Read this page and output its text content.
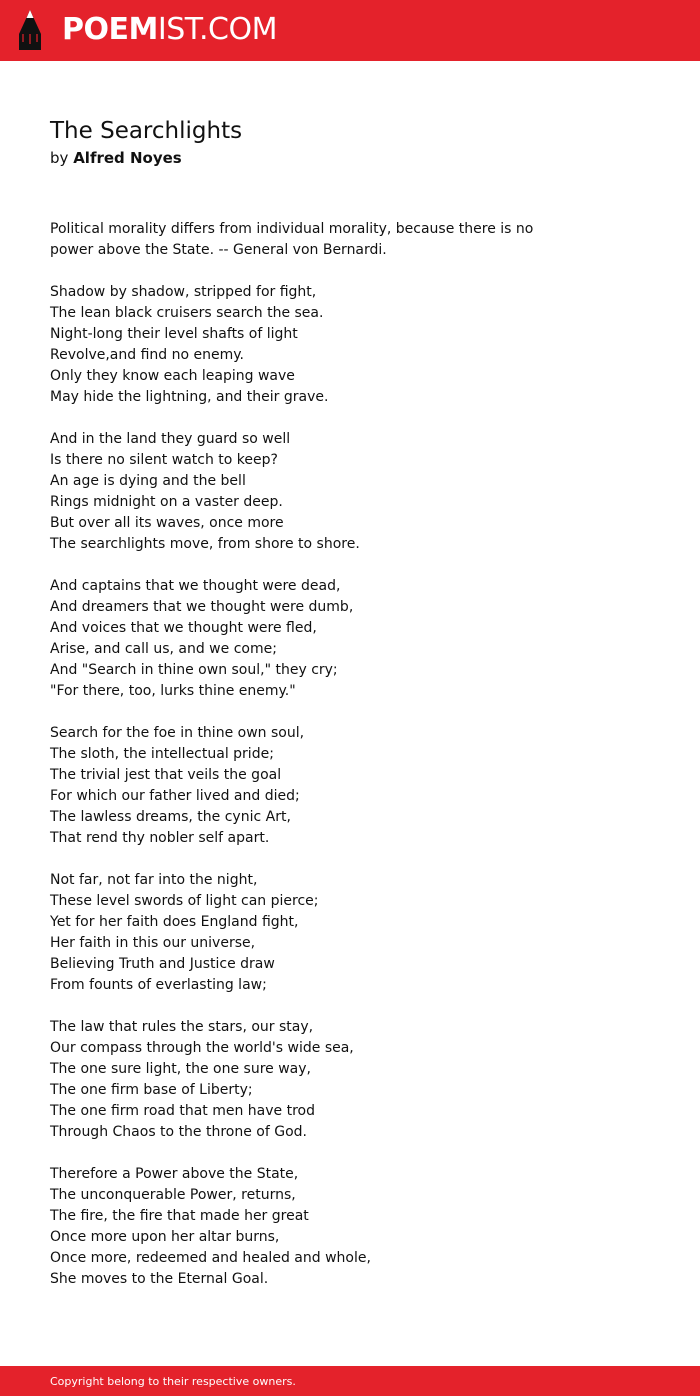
POEMIST.COM
The Searchlights
by Alfred Noyes
Political morality differs from individual morality, because there is no
power above the State. -- General von Bernardi.
Shadow by shadow, stripped for fight,
The lean black cruisers search the sea.
Night-long their level shafts of light
Revolve,and find no enemy.
Only they know each leaping wave
May hide the lightning, and their grave.
And in the land they guard so well
Is there no silent watch to keep?
An age is dying and the bell
Rings midnight on a vaster deep.
But over all its waves, once more
The searchlights move, from shore to shore.
And captains that we thought were dead,
And dreamers that we thought were dumb,
And voices that we thought were fled,
Arise, and call us, and we come;
And "Search in thine own soul," they cry;
"For there, too, lurks thine enemy."
Search for the foe in thine own soul,
The sloth, the intellectual pride;
The trivial jest that veils the goal
For which our father lived and died;
The lawless dreams, the cynic Art,
That rend thy nobler self apart.
Not far, not far into the night,
These level swords of light can pierce;
Yet for her faith does England fight,
Her faith in this our universe,
Believing Truth and Justice draw
From founts of everlasting law;
The law that rules the stars, our stay,
Our compass through the world's wide sea,
The one sure light, the one sure way,
The one firm base of Liberty;
The one firm road that men have trod
Through Chaos to the throne of God.
Therefore a Power above the State,
The unconquerable Power, returns,
The fire, the fire that made her great
Once more upon her altar burns,
Once more, redeemed and healed and whole,
She moves to the Eternal Goal.
Copyright belong to their respective owners.
